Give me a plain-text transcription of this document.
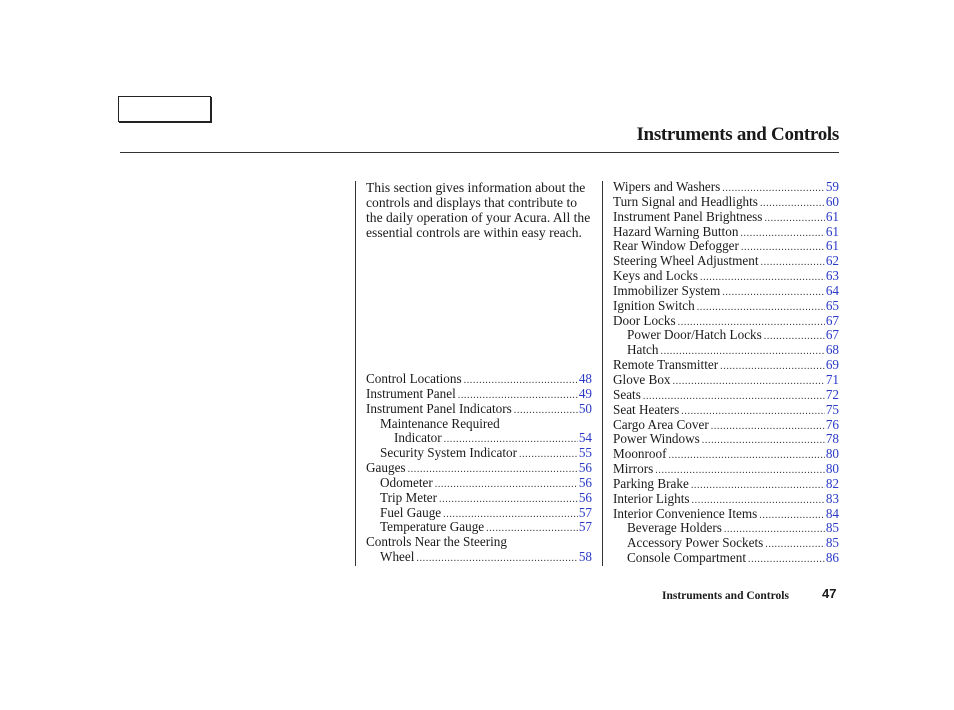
Instruments and Controls

This section gives information about the controls and displays that contribute to the daily operation of your Acura. All the essential controls are within easy reach.

Control Locations .....	48
Instrument Panel .....	49
Instrument Panel Indicators .....	50
Maintenance Required
Indicator .....	54
Security System Indicator .....	55
Gauges .....	56
Odometer .....	56
Trip Meter .....	56
Fuel Gauge .....	57
Temperature Gauge .....	57
Controls Near the Steering
Wheel .....	58
Wipers and Washers .....	59
Turn Signal and Headlights .....	60
Instrument Panel Brightness .....	61
Hazard Warning Button .....	61
Rear Window Defogger .....	61
Steering Wheel Adjustment .....	62
Keys and Locks .....	63
Immobilizer System .....	64
Ignition Switch .....	65
Door Locks .....	67
Power Door/Hatch Locks .....	67
Hatch .....	68
Remote Transmitter .....	69
Glove Box .....	71
Seats .....	72
Seat Heaters .....	75
Cargo Area Cover .....	76
Power Windows .....	78
Moonroof .....	80
Mirrors .....	80
Parking Brake .....	82
Interior Lights .....	83
Interior Convenience Items .....	84
Beverage Holders .....	85
Accessory Power Sockets .....	85
Console Compartment .....	86

Instruments and Controls	47
